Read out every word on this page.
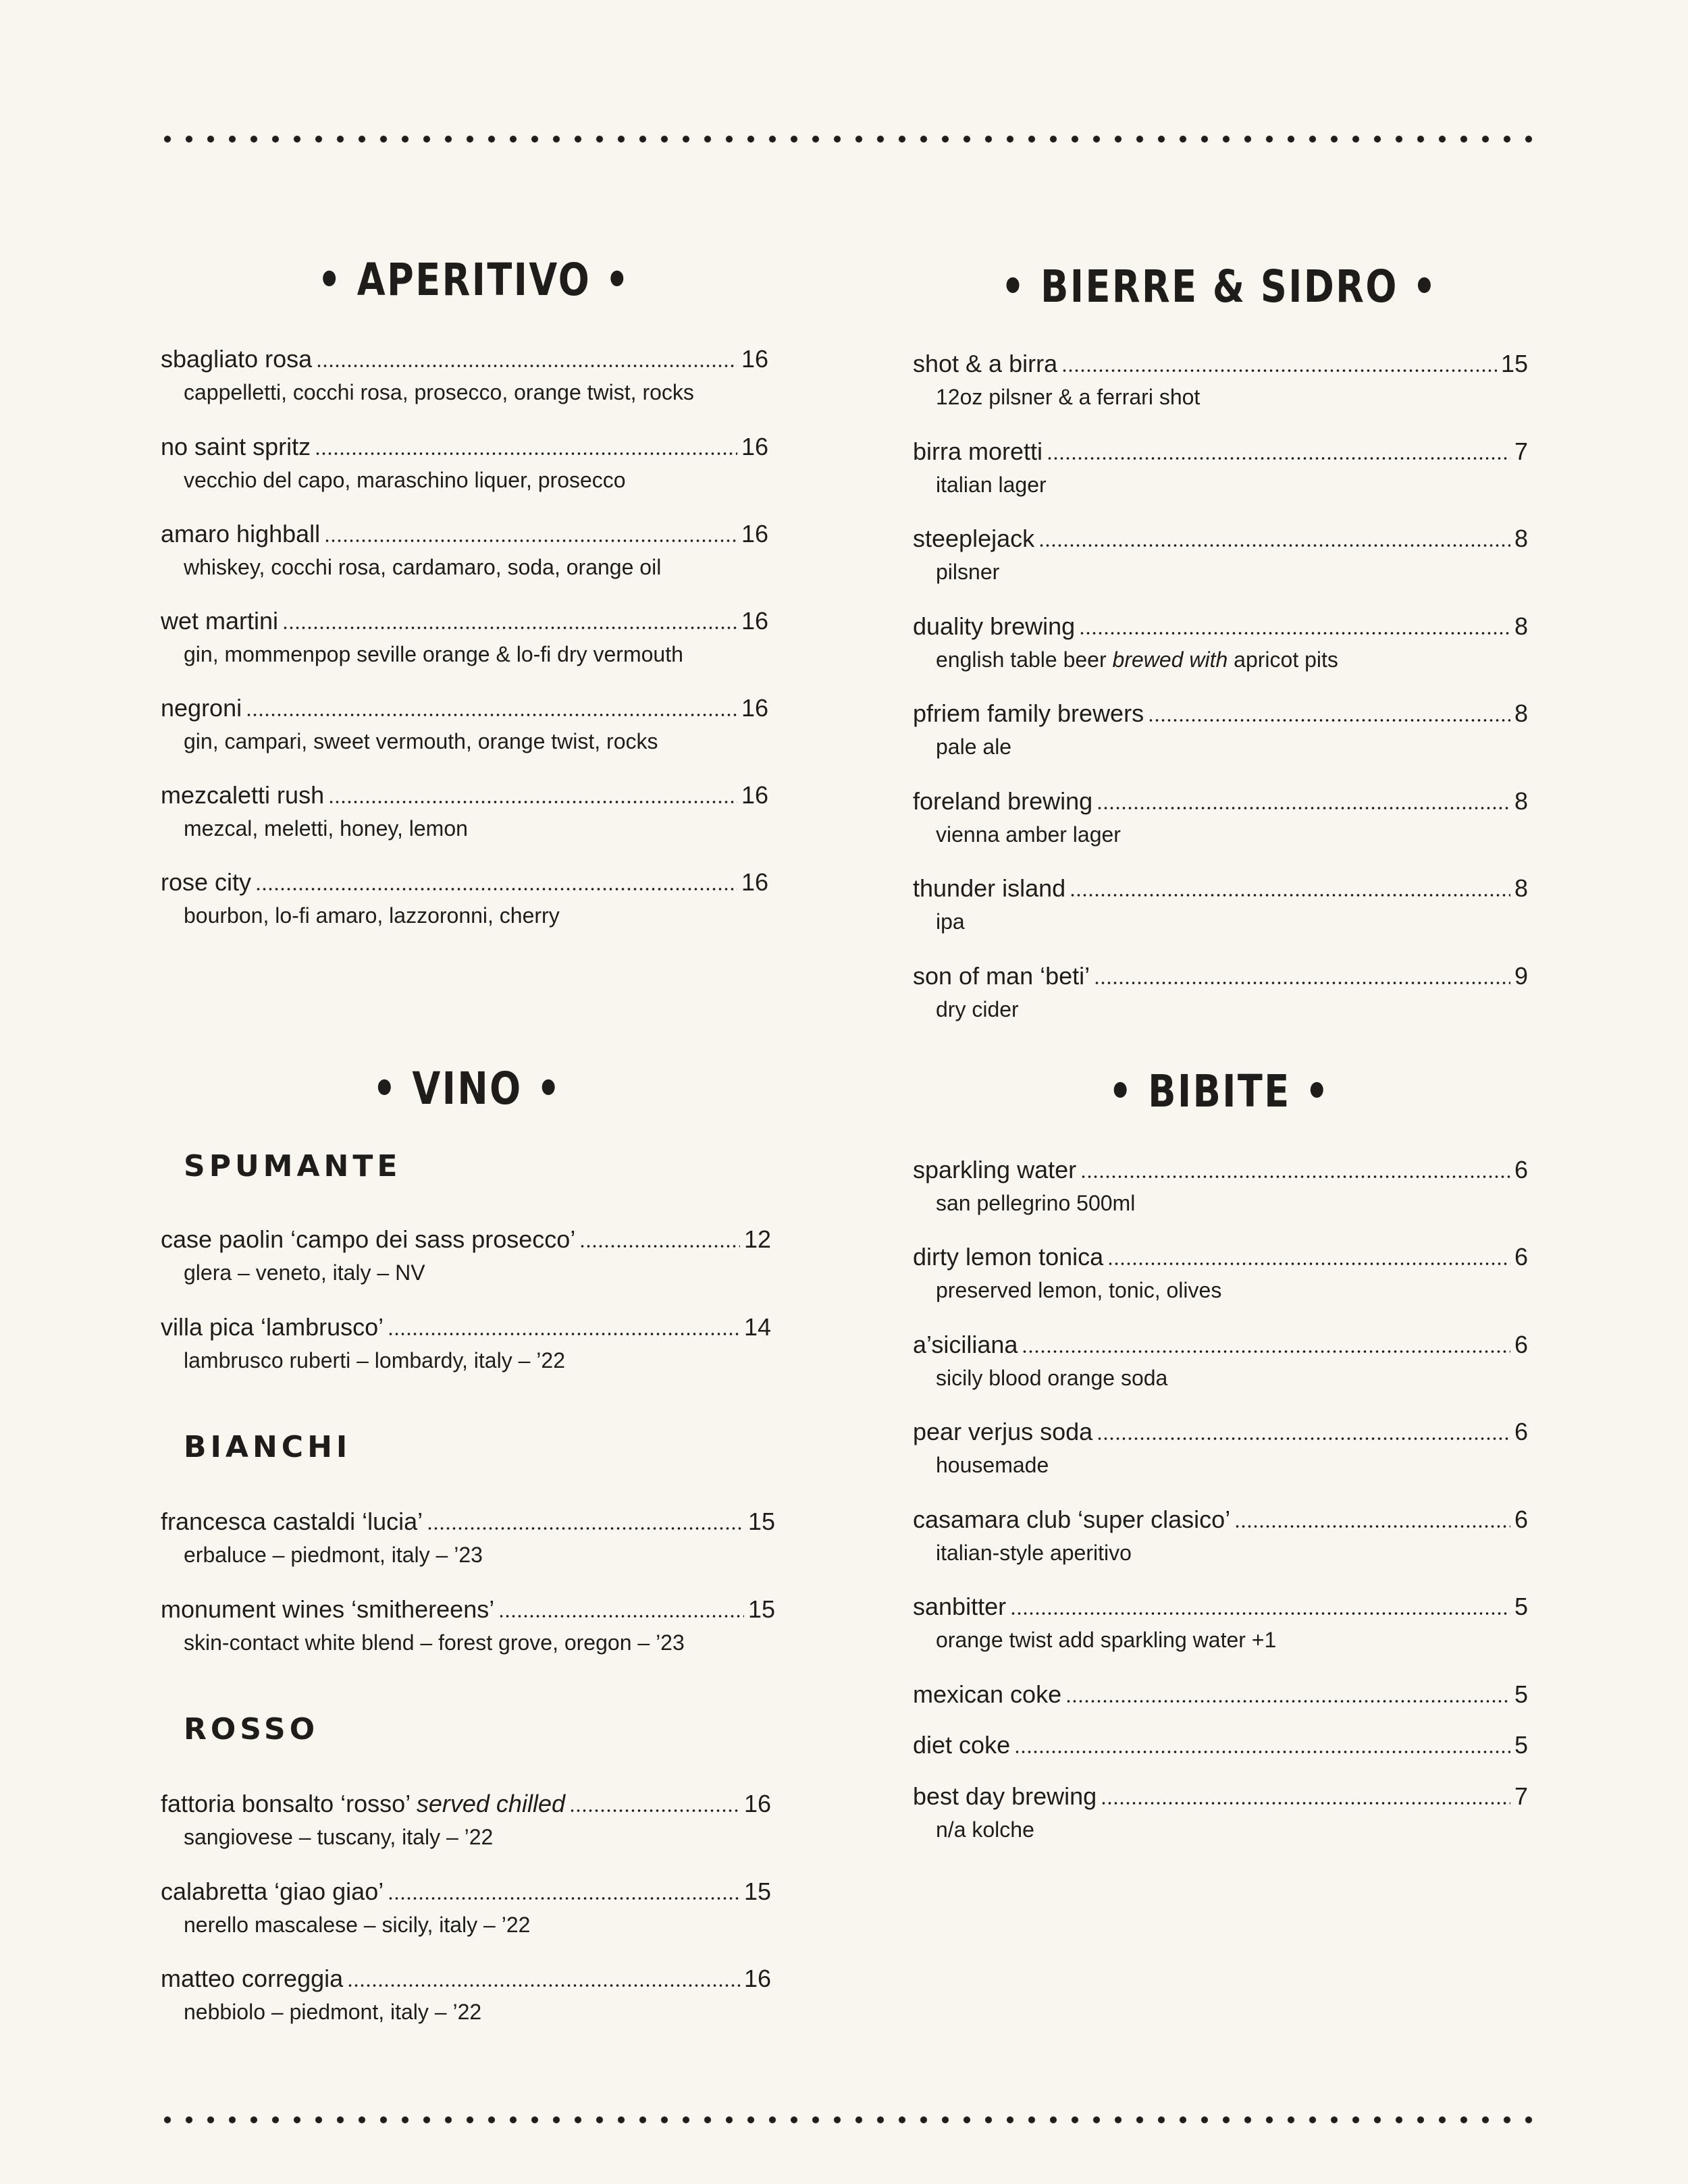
• APERITIVO •
sbagliato rosa	16
cappelletti, cocchi rosa, prosecco, orange twist, rocks
no saint spritz	16
vecchio del capo, maraschino liquer, prosecco
amaro highball	16
whiskey, cocchi rosa, cardamaro, soda, orange oil
wet martini	16
gin, mommenpop seville orange & lo-fi dry vermouth
negroni	16
gin, campari, sweet vermouth, orange twist, rocks
mezcaletti rush	16
mezcal, meletti, honey, lemon
rose city	16
bourbon, lo-fi amaro, lazzoronni, cherry
• BIERRE & SIDRO •
shot & a birra	15
12oz pilsner & a ferrari shot
birra moretti	7
italian lager
steeplejack	8
pilsner
duality brewing	8
english table beer brewed with apricot pits
pfriem family brewers	8
pale ale
foreland brewing	8
vienna amber lager
thunder island	8
ipa
son of man ‘beti’	9
dry cider
• VINO •
SPUMANTE
case paolin ‘campo dei sass prosecco’	12
glera – veneto, italy – NV
villa pica ‘lambrusco’	14
lambrusco ruberti – lombardy, italy – ’22
BIANCHI
francesca castaldi ‘lucia’	15
erbaluce – piedmont, italy – ’23
monument wines ‘smithereens’	15
skin-contact white blend – forest grove, oregon – ’23
ROSSO
fattoria bonsalto ‘rosso’ served chilled	16
sangiovese – tuscany, italy – ’22
calabretta ‘giao giao’	15
nerello mascalese – sicily, italy – ’22
matteo correggia	16
nebbiolo – piedmont, italy – ’22
• BIBITE •
sparkling water	6
san pellegrino 500ml
dirty lemon tonica	6
preserved lemon, tonic, olives
a’siciliana	6
sicily blood orange soda
pear verjus soda	6
housemade
casamara club ‘super clasico’	6
italian-style aperitivo
sanbitter	5
orange twist add sparkling water +1
mexican coke	5
diet coke	5
best day brewing	7
n/a kolche
